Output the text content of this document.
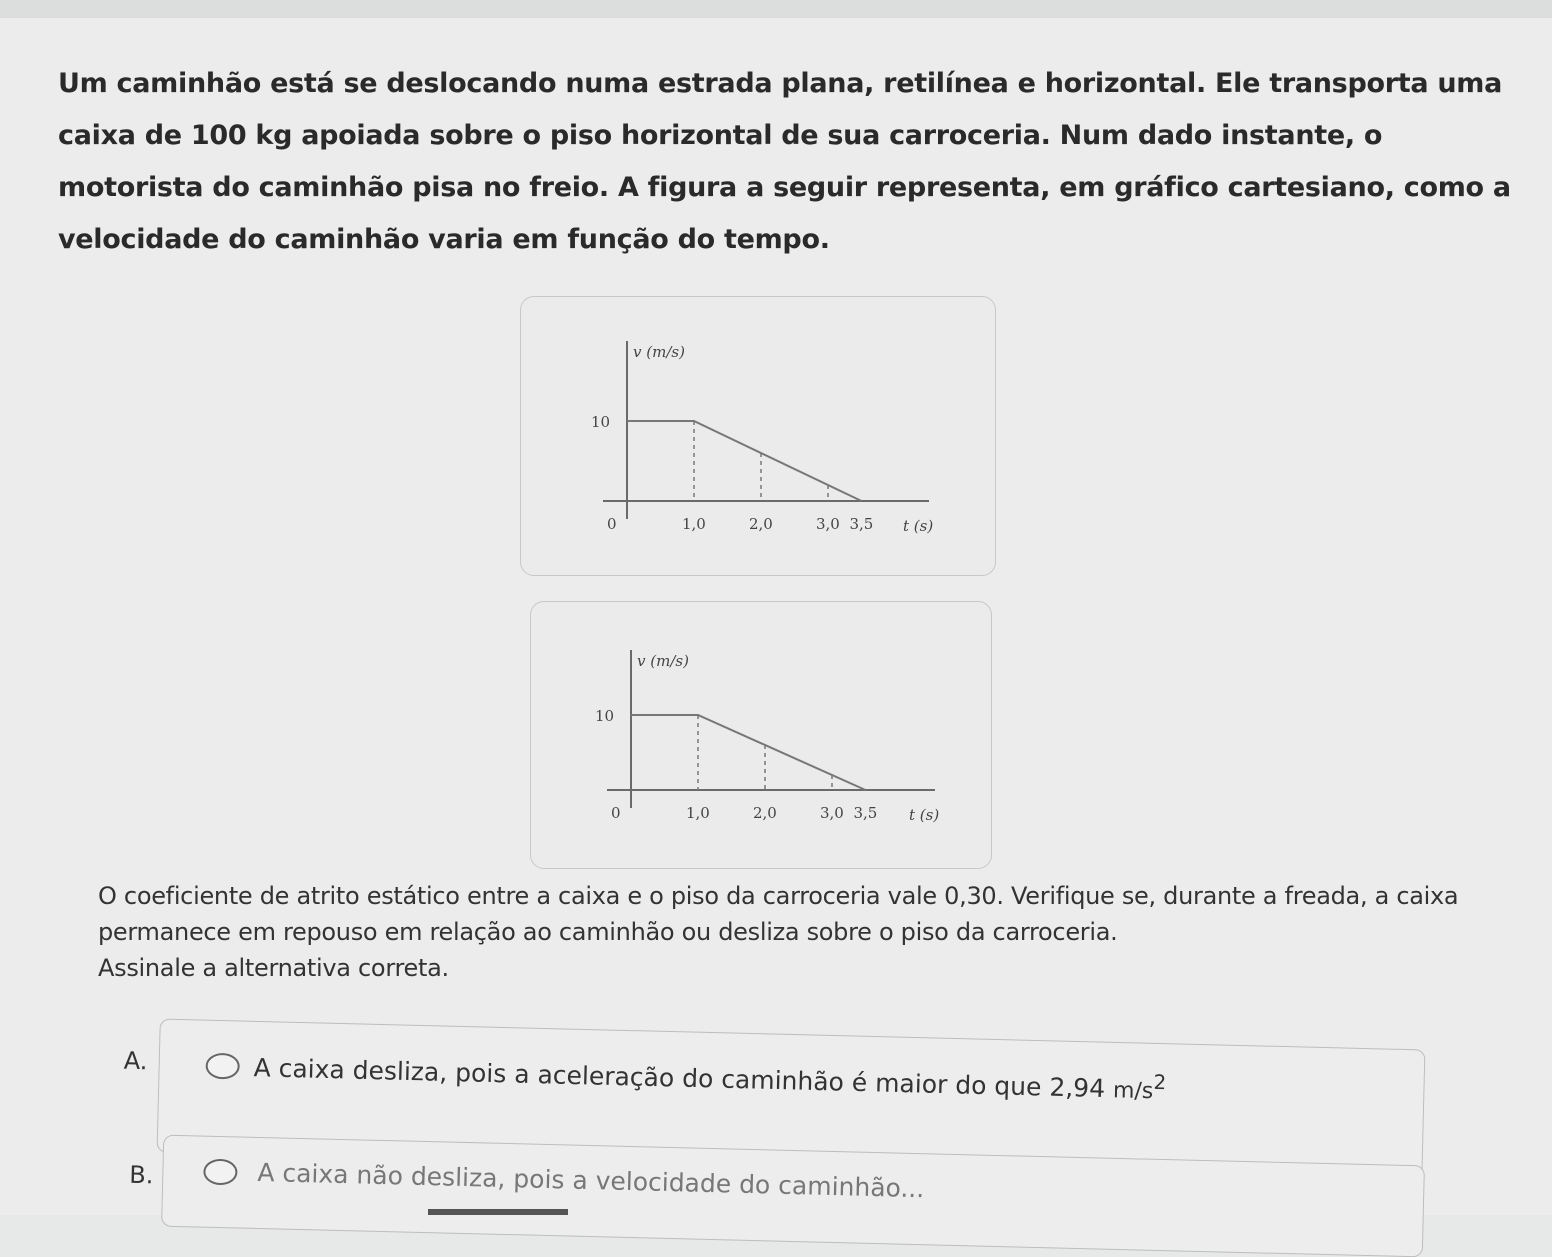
Um caminhão está se deslocando numa estrada plana, retilínea e horizontal. Ele transporta uma caixa de 100 kg apoiada sobre o piso horizontal de sua carroceria. Num dado instante, o motorista do caminhão pisa no freio. A figura a seguir representa, em gráfico cartesiano, como a velocidade do caminhão varia em função do tempo.
v (m/s)
t (s)
10
0	1,0	2,0	3,0 3,5
v (m/s)
t (s)
10
0	1,0	2,0	3,0 3,5
O coeficiente de atrito estático entre a caixa e o piso da carroceria vale 0,30. Verifique se, durante a freada, a caixa permanece em repouso em relação ao caminhão ou desliza sobre o piso da carroceria.
Assinale a alternativa correta.
A.	A caixa desliza, pois a aceleração do caminhão é maior do que 2,94 $m/s^2$
B.	A caixa não desliza, pois a velocidade do caminhão...
